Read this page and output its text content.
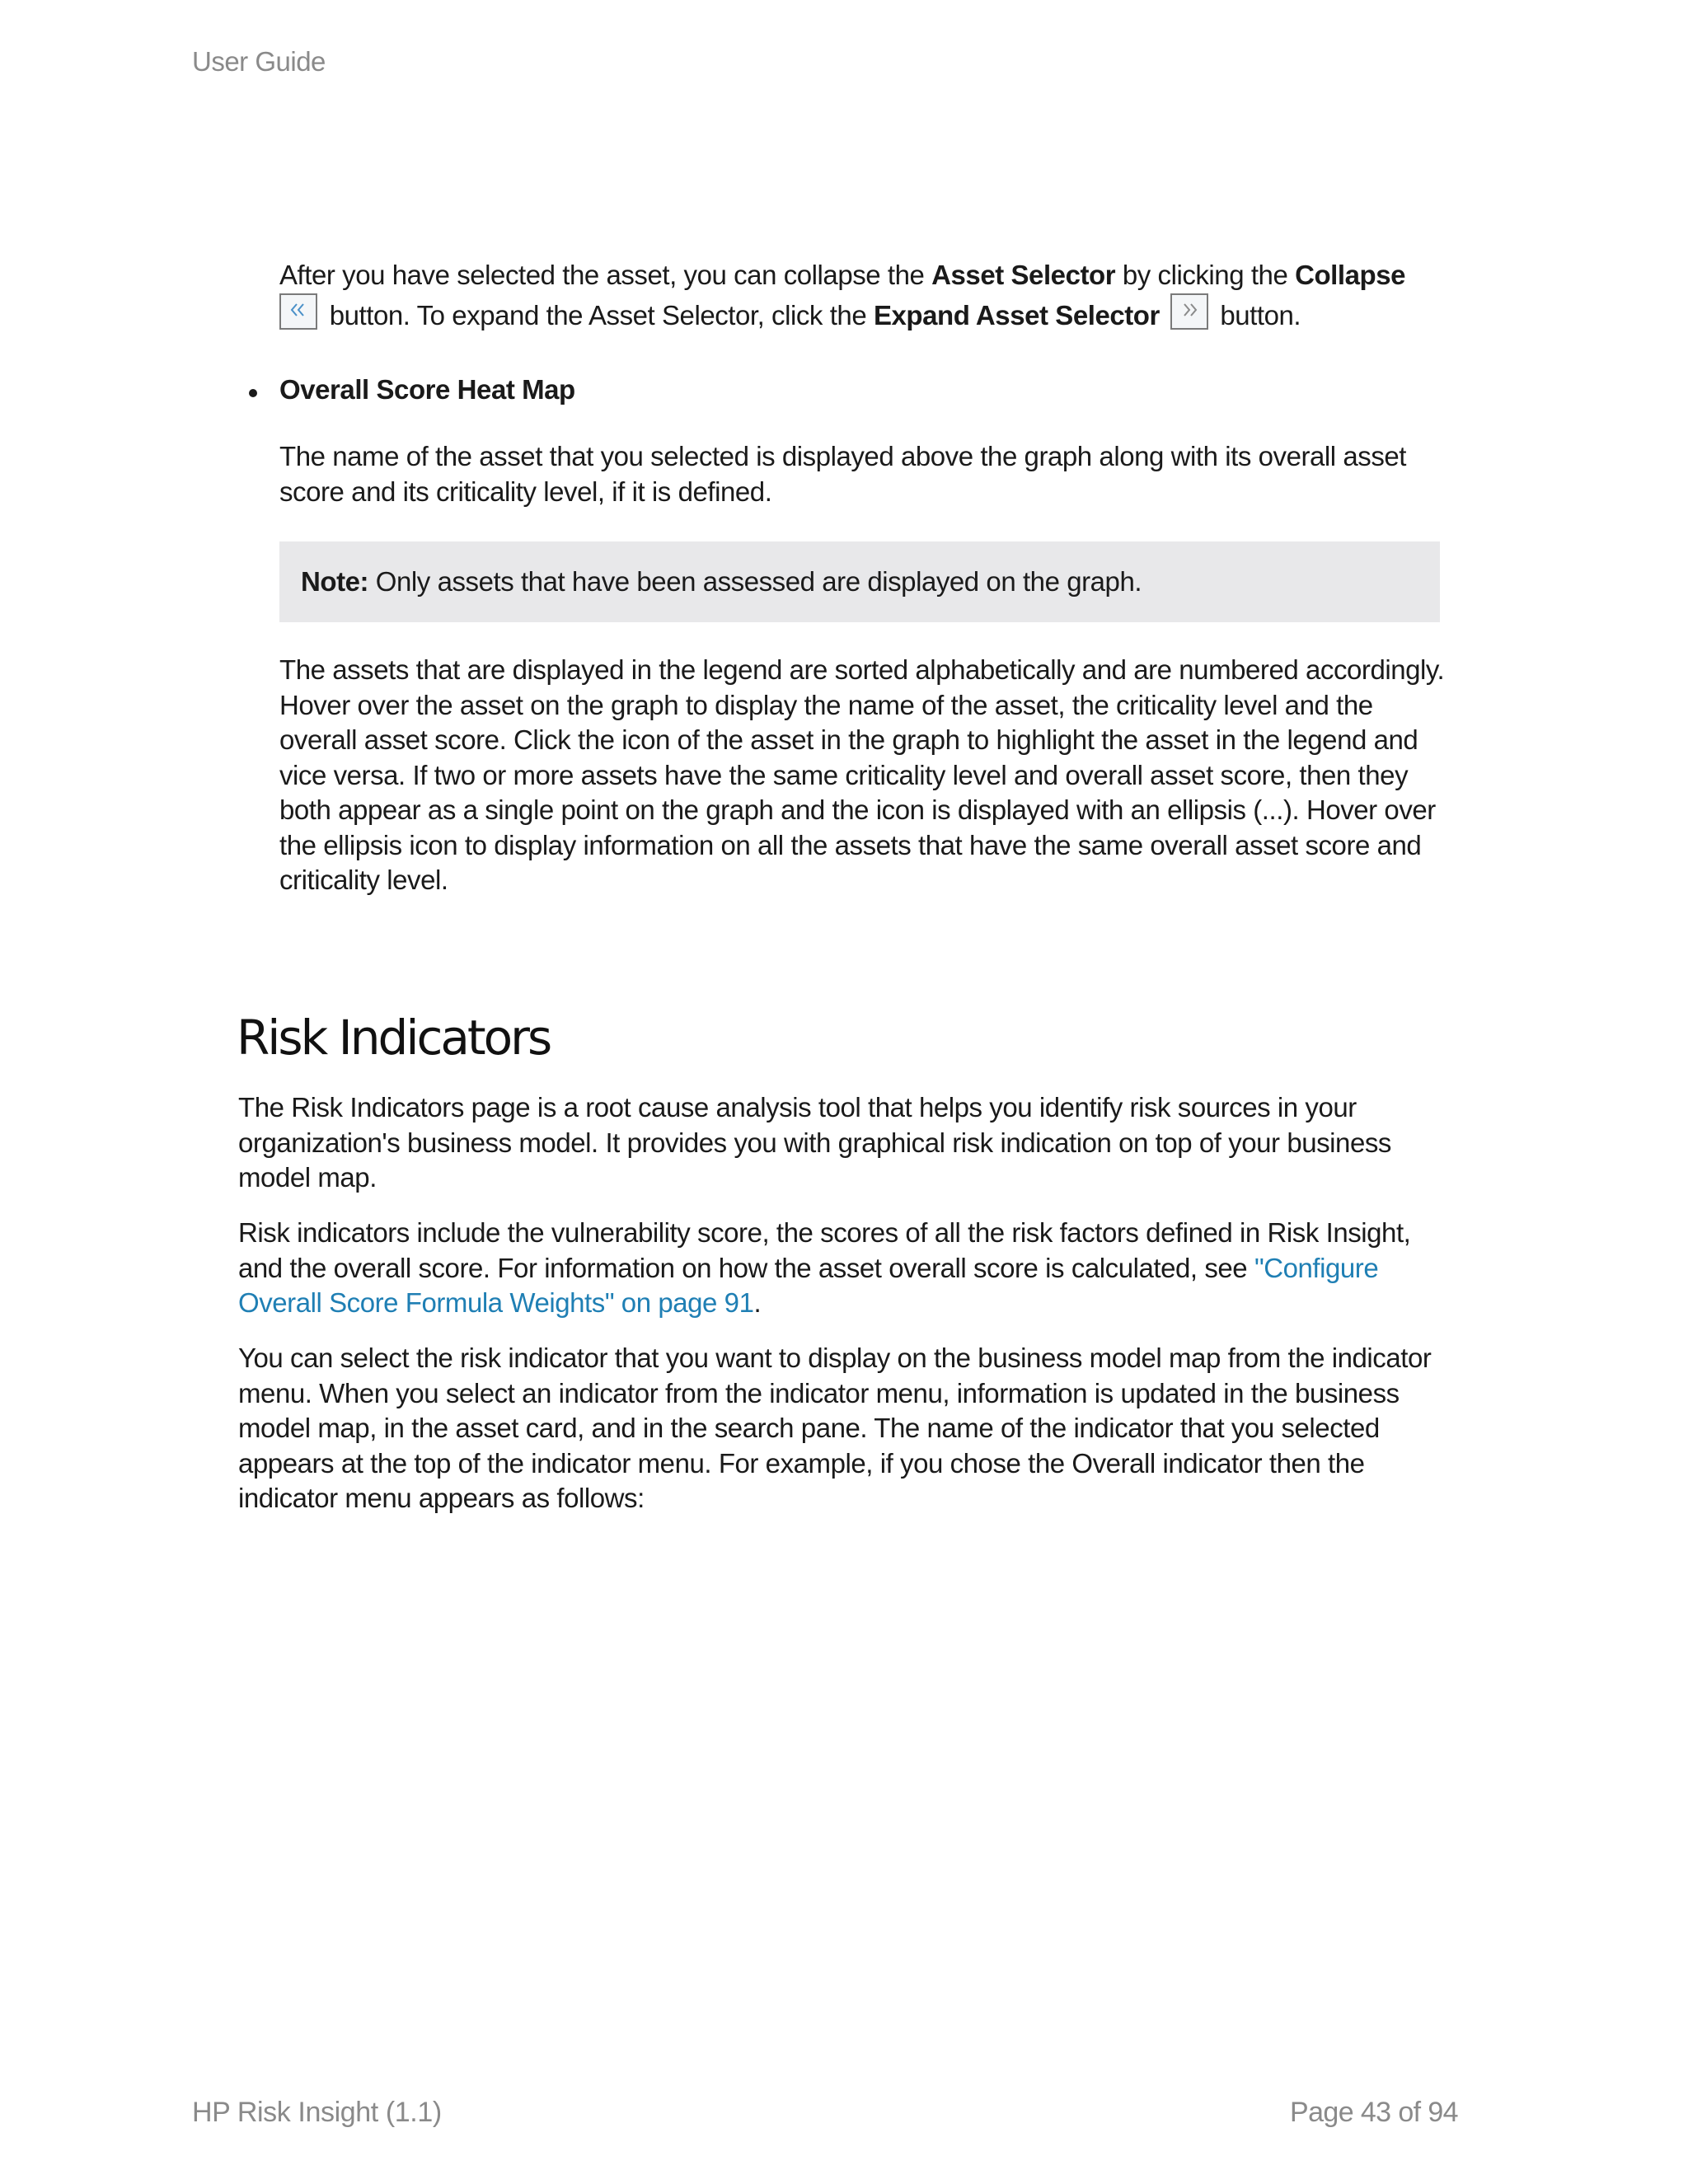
User Guide

After you have selected the asset, you can collapse the Asset Selector by clicking the Collapse

button. To expand the Asset Selector, click the Expand Asset Selector
button.

Overall Score Heat Map

The name of the asset that you selected is displayed above the graph along with its overall asset score and its criticality level, if it is defined.

Note: Only assets that have been assessed are displayed on the graph.

The assets that are displayed in the legend are sorted alphabetically and are numbered accordingly. Hover over the asset on the graph to display the name of the asset, the criticality level and the overall asset score. Click the icon of the asset in the graph to highlight the asset in the legend and vice versa. If two or more assets have the same criticality level and overall asset score, then they both appear as a single point on the graph and the icon is displayed with an ellipsis (...). Hover over the ellipsis icon to display information on all the assets that have the same overall asset score and criticality level.

Risk Indicators

The Risk Indicators page is a root cause analysis tool that helps you identify risk sources in your organization's business model. It provides you with graphical risk indication on top of your business model map.

Risk indicators include the vulnerability score, the scores of all the risk factors defined in Risk Insight, and the overall score. For information on how the asset overall score is calculated, see "Configure Overall Score Formula Weights" on page 91.

You can select the risk indicator that you want to display on the business model map from the indicator menu. When you select an indicator from the indicator menu, information is updated in the business model map, in the asset card, and in the search pane. The name of the indicator that you selected appears at the top of the indicator menu. For example, if you chose the Overall indicator then the indicator menu appears as follows:

HP Risk Insight (1.1)	Page 43 of 94
